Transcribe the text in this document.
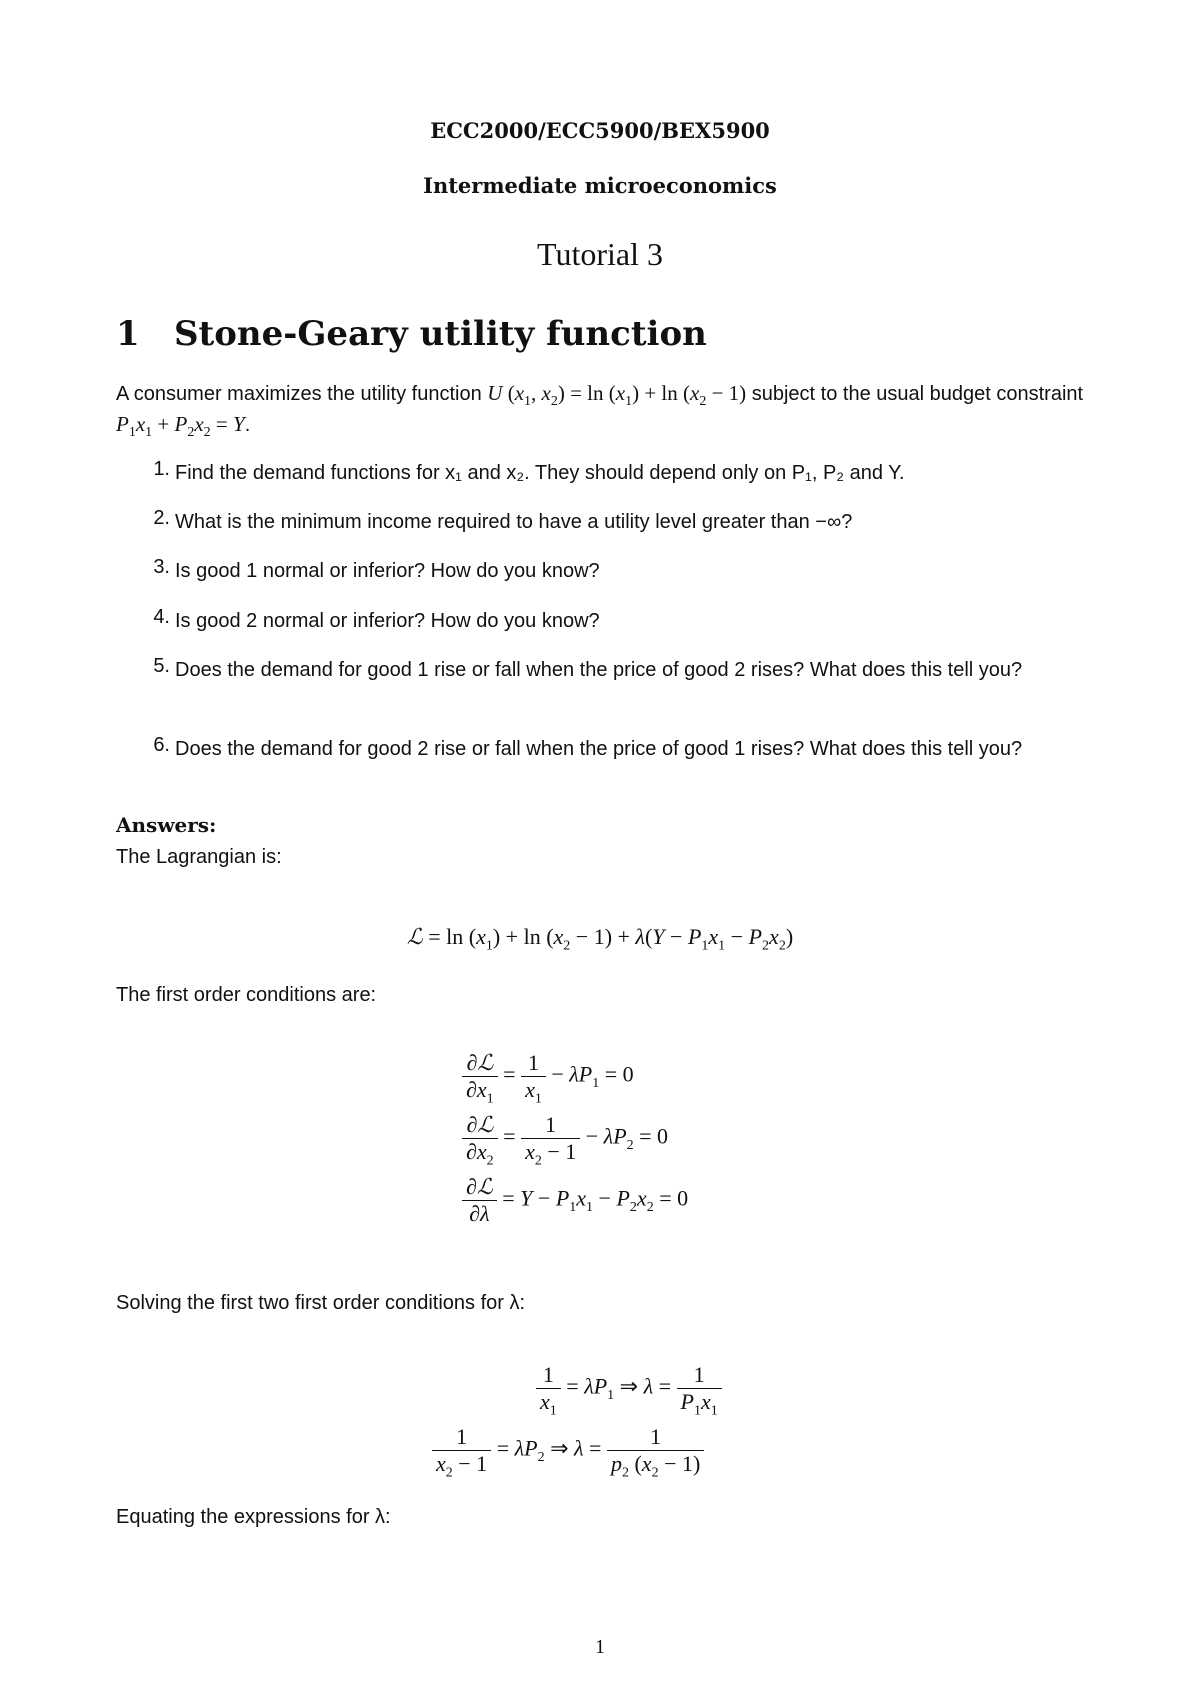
ECC2000/ECC5900/BEX5900
Intermediate microeconomics
Tutorial 3
1 Stone-Geary utility function
A consumer maximizes the utility function U ($x_1$, $x_2) = \ln (x_1) + \ln (x_2 - 1)$ subject to the usual budget constraint $P_1x_1 + P_2x_2 = Y$.
1. Find the demand functions for x₁ and x₂. They should depend only on P₁, P₂ and Y.
2. What is the minimum income required to have a utility level greater than −∞?
3. Is good 1 normal or inferior? How do you know?
4. Is good 2 normal or inferior? How do you know?
5. Does the demand for good 1 rise or fall when the price of good 2 rises? What does this tell you?
6. Does the demand for good 2 rise or fall when the price of good 1 rises? What does this tell you?
Answers:
The Lagrangian is:
ℒ = $\ln (x_1) + \ln (x_2 - 1) + \lambda(Y - P_1x_1 - P_2x_2)$
The first order conditions are:
$\frac{\text{∂ℒ}}{\partial x_1} = \frac{1}{x_1} - \lambda P_1 = 0$
$\frac{\text{∂ℒ}}{\partial x_2} = \frac{1}{x_2 - 1} - \lambda P_2 = 0$
$\frac{\text{∂ℒ}}{\partial\lambda} = Y - P_1x_1 - P_2x_2 = 0$
Solving the first two first order conditions for λ:
$\frac{1}{x_1} = \lambda P_1$ ⇒ $\lambda = \frac{1}{P_1x_1}$
$\frac{1}{x_2 - 1} = \lambda P_2$ ⇒ $\lambda = \frac{1}{p_2 (x_2 - 1)}$
Equating the expressions for λ:
1
